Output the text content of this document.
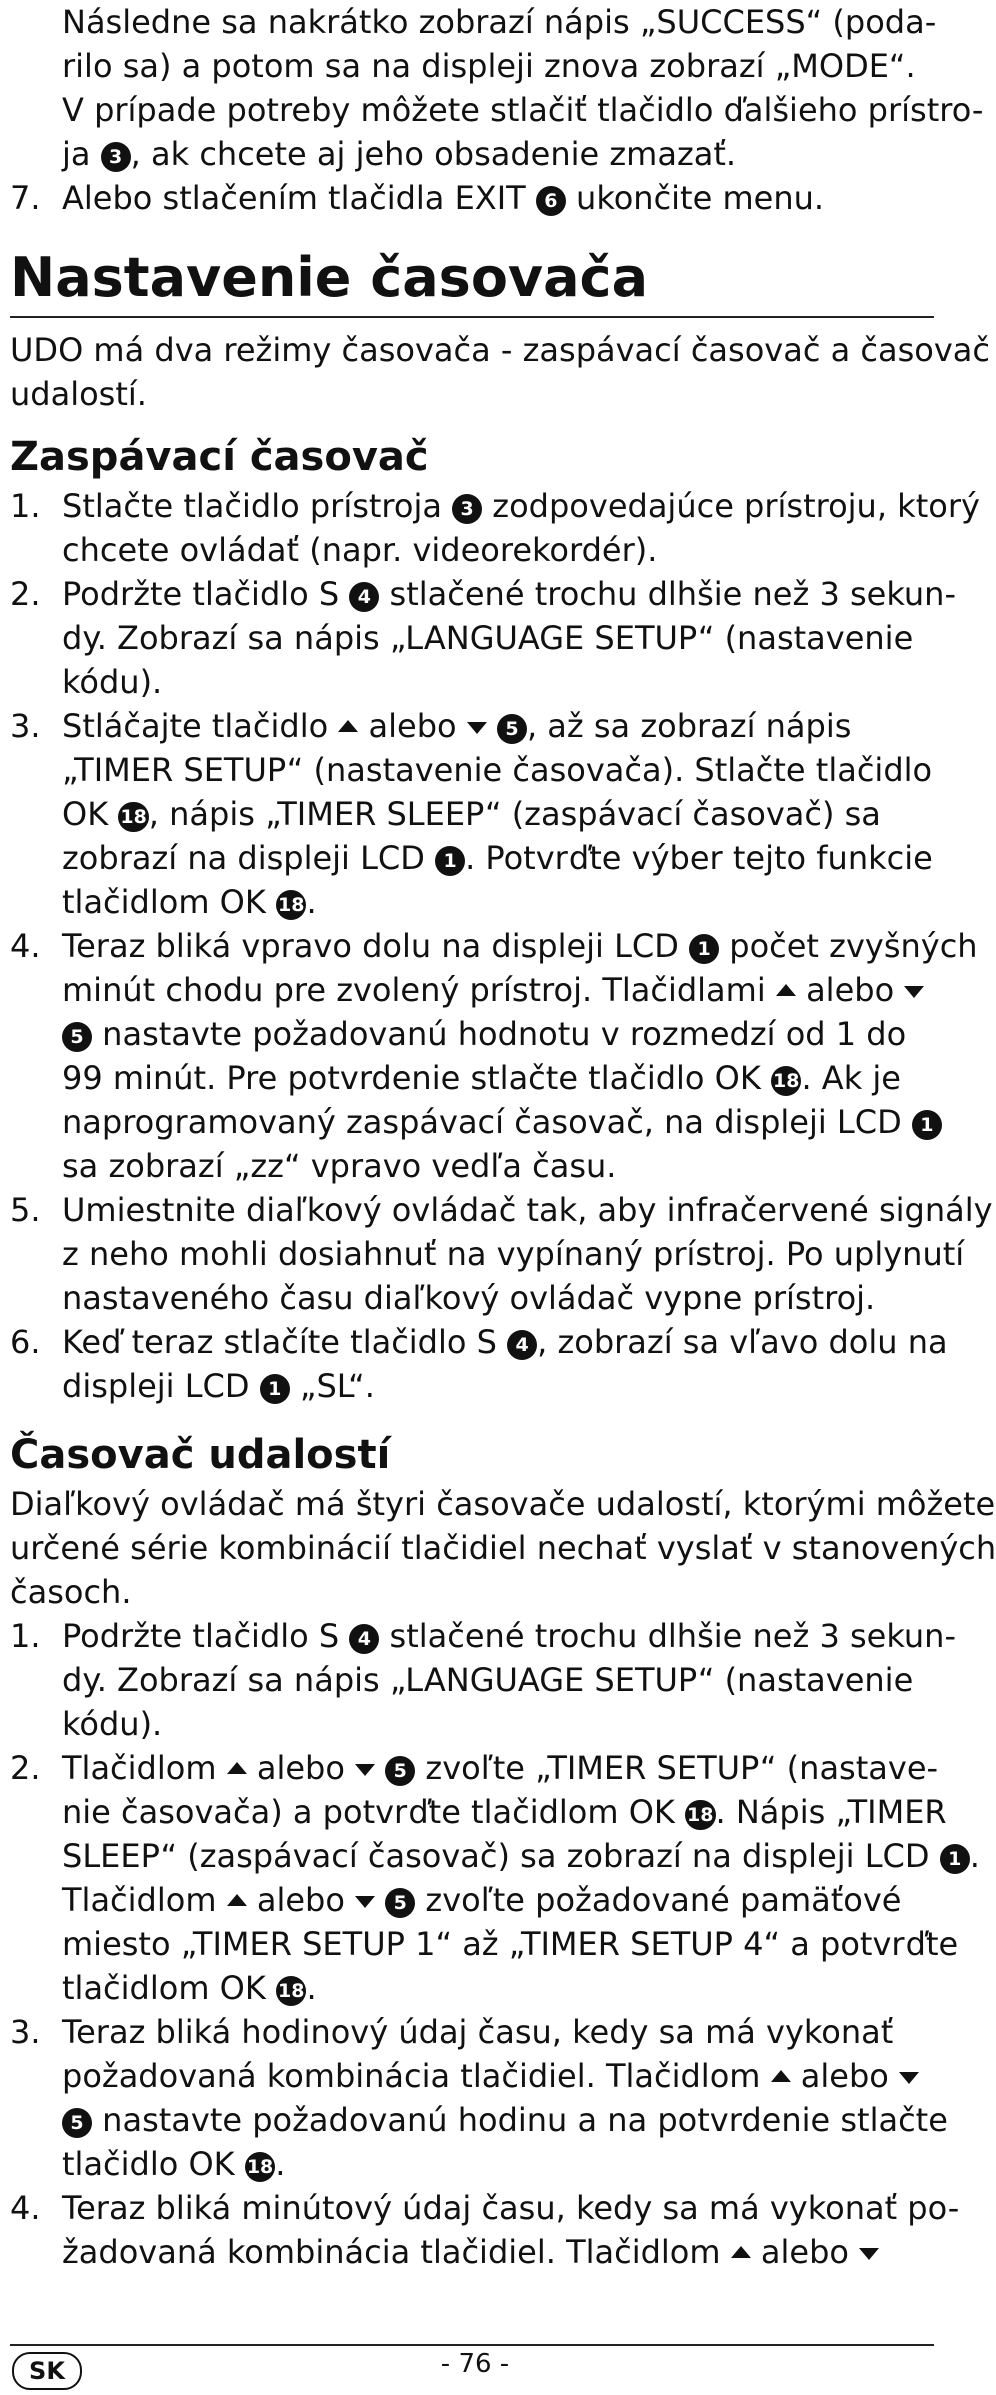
Následne sa nakrátko zobrazí nápis „SUCCESS“ (poda-
rilo sa) a potom sa na displeji znova zobrazí „MODE“.
V prípade potreby môžete stlačiť tlačidlo ďalšieho prístro-
ja 3 , ak chcete aj jeho obsadenie zmazať.
7. Alebo stlačením tlačidla EXIT 6 ukončite menu.
Nastavenie časovača
UDO má dva režimy časovača - zaspávací časovač a časovač
udalostí.
Zaspávací časovač
1. Stlačte tlačidlo prístroja 3 zodpovedajúce prístroju, ktorý
chcete ovládať (napr. videorekordér).
2. Podržte tlačidlo S 4 stlačené trochu dlhšie než 3 sekun-
dy. Zobrazí sa nápis „LANGUAGE SETUP“ (nastavenie
kódu).
3. Stláčajte tlačidlo  alebo  5 , až sa zobrazí nápis
„TIMER SETUP“ (nastavenie časovača). Stlačte tlačidlo
OK 18, nápis „TIMER SLEEP“ (zaspávací časovač) sa
zobrazí na displeji LCD 1 . Potvrďte výber tejto funkcie
tlačidlom OK 18.
4. Teraz bliká vpravo dolu na displeji LCD 1 počet zvyšných
minút chodu pre zvolený prístroj. Tlačidlami  alebo
5 nastavte požadovanú hodnotu v rozmedzí od 1 do
99 minút. Pre potvrdenie stlačte tlačidlo OK 18. Ak je
naprogramovaný zaspávací časovač, na displeji LCD 1
sa zobrazí „zz“ vpravo vedľa času.
5. Umiestnite diaľkový ovládač tak, aby infračervené signály
z neho mohli dosiahnuť na vypínaný prístroj. Po uplynutí
nastaveného času diaľkový ovládač vypne prístroj.
6. Keď teraz stlačíte tlačidlo S 4 , zobrazí sa vľavo dolu na
displeji LCD 1 „SL“.
Časovač udalostí
Diaľkový ovládač má štyri časovače udalostí, ktorými môžete
určené série kombinácií tlačidiel nechať vyslať v stanovených
časoch.
1. Podržte tlačidlo S 4 stlačené trochu dlhšie než 3 sekun-
dy. Zobrazí sa nápis „LANGUAGE SETUP“ (nastavenie
kódu).
2. Tlačidlom  alebo  5 zvoľte „TIMER SETUP“ (nastave-
nie časovača) a potvrďte tlačidlom OK 18. Nápis „TIMER
SLEEP“ (zaspávací časovač) sa zobrazí na displeji LCD 1 .
Tlačidlom  alebo  5 zvoľte požadované pamäťové
miesto „TIMER SETUP 1“ až „TIMER SETUP 4“ a potvrďte
tlačidlom OK 18.
3. Teraz bliká hodinový údaj času, kedy sa má vykonať
požadovaná kombinácia tlačidiel. Tlačidlom  alebo
5 nastavte požadovanú hodinu a na potvrdenie stlačte
tlačidlo OK 18.
4. Teraz bliká minútový údaj času, kedy sa má vykonať po-
žadovaná kombinácia tlačidiel. Tlačidlom  alebo
SK	- 76 -
